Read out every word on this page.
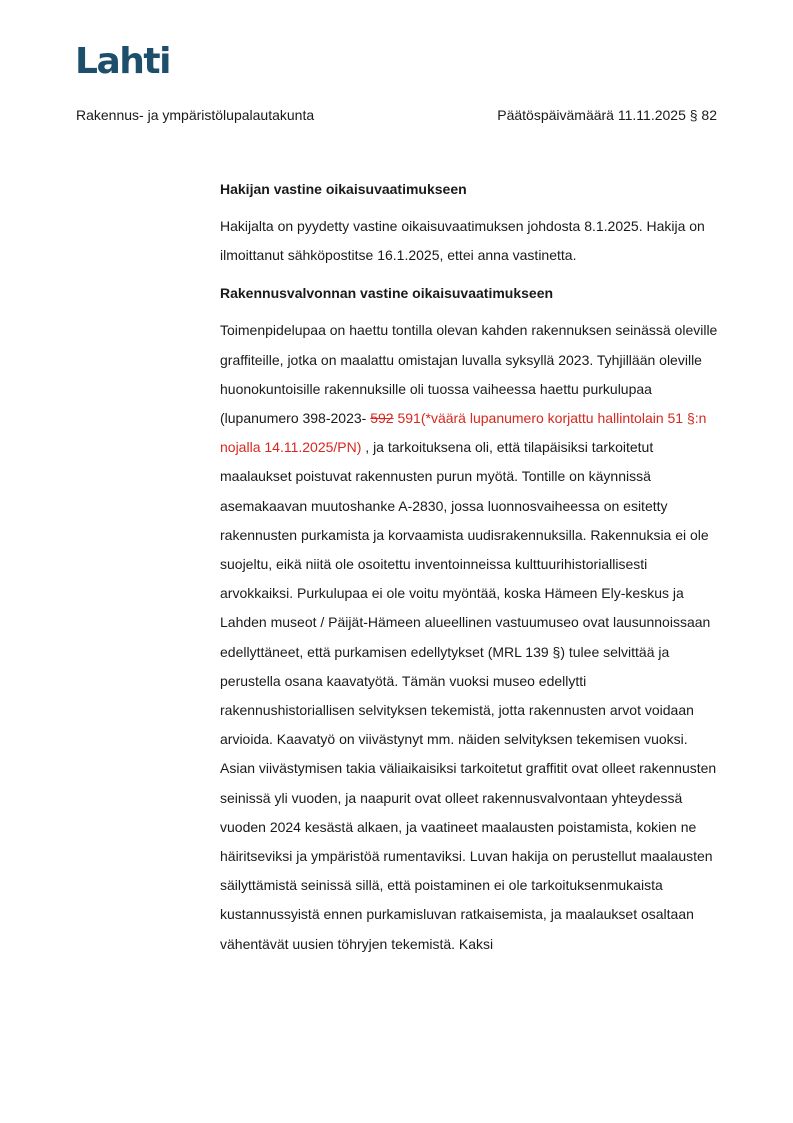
Lahti
Rakennus- ja ympäristölupalautakunta	Päätöspäivämäärä 11.11.2025 § 82
Hakijan vastine oikaisuvaatimukseen

Hakijalta on pyydetty vastine oikaisuvaatimuksen johdosta 8.1.2025. Hakija on ilmoittanut sähköpostitse 16.1.2025, ettei anna vastinetta.

Rakennusvalvonnan vastine oikaisuvaatimukseen

Toimenpidelupaa on haettu tontilla olevan kahden rakennuksen seinässä oleville graffiteille, jotka on maalattu omistajan luvalla syksyllä 2023. Tyhjillään oleville huonokuntoisille rakennuksille oli tuossa vaiheessa haettu purkulupaa (lupanumero 398-2023- 592 591(*väärä lupanumero korjattu hallintolain 51 §:n nojalla 14.11.2025/PN) , ja tarkoituksena oli, että tilapäisiksi tarkoitetut maalaukset poistuvat rakennusten purun myötä. Tontille on käynnissä asemakaavan muutoshanke A-2830, jossa luonnosvaiheessa on esitetty rakennusten purkamista ja korvaamista uudisrakennuksilla. Rakennuksia ei ole suojeltu, eikä niitä ole osoitettu inventoinneissa kulttuurihistoriallisesti arvokkaiksi. Purkulupaa ei ole voitu myöntää, koska Hämeen Ely-keskus ja Lahden museot / Päijät-Hämeen alueellinen vastuumuseo ovat lausunnoissaan edellyttäneet, että purkamisen edellytykset (MRL 139 §) tulee selvittää ja perustella osana kaavatyötä. Tämän vuoksi museo edellytti rakennushistoriallisen selvityksen tekemistä, jotta rakennusten arvot voidaan arvioida. Kaavatyö on viivästynyt mm. näiden selvityksen tekemisen vuoksi. Asian viivästymisen takia väliaikaisiksi tarkoitetut graffitit ovat olleet rakennusten seinissä yli vuoden, ja naapurit ovat olleet rakennusvalvontaan yhteydessä vuoden 2024 kesästä alkaen, ja vaatineet maalausten poistamista, kokien ne häiritseviksi ja ympäristöä rumentaviksi. Luvan hakija on perustellut maalausten säilyttämistä seinissä sillä, että poistaminen ei ole tarkoituksenmukaista kustannussyistä ennen purkamisluvan ratkaisemista, ja maalaukset osaltaan vähentävät uusien töhryjen tekemistä. Kaksi
